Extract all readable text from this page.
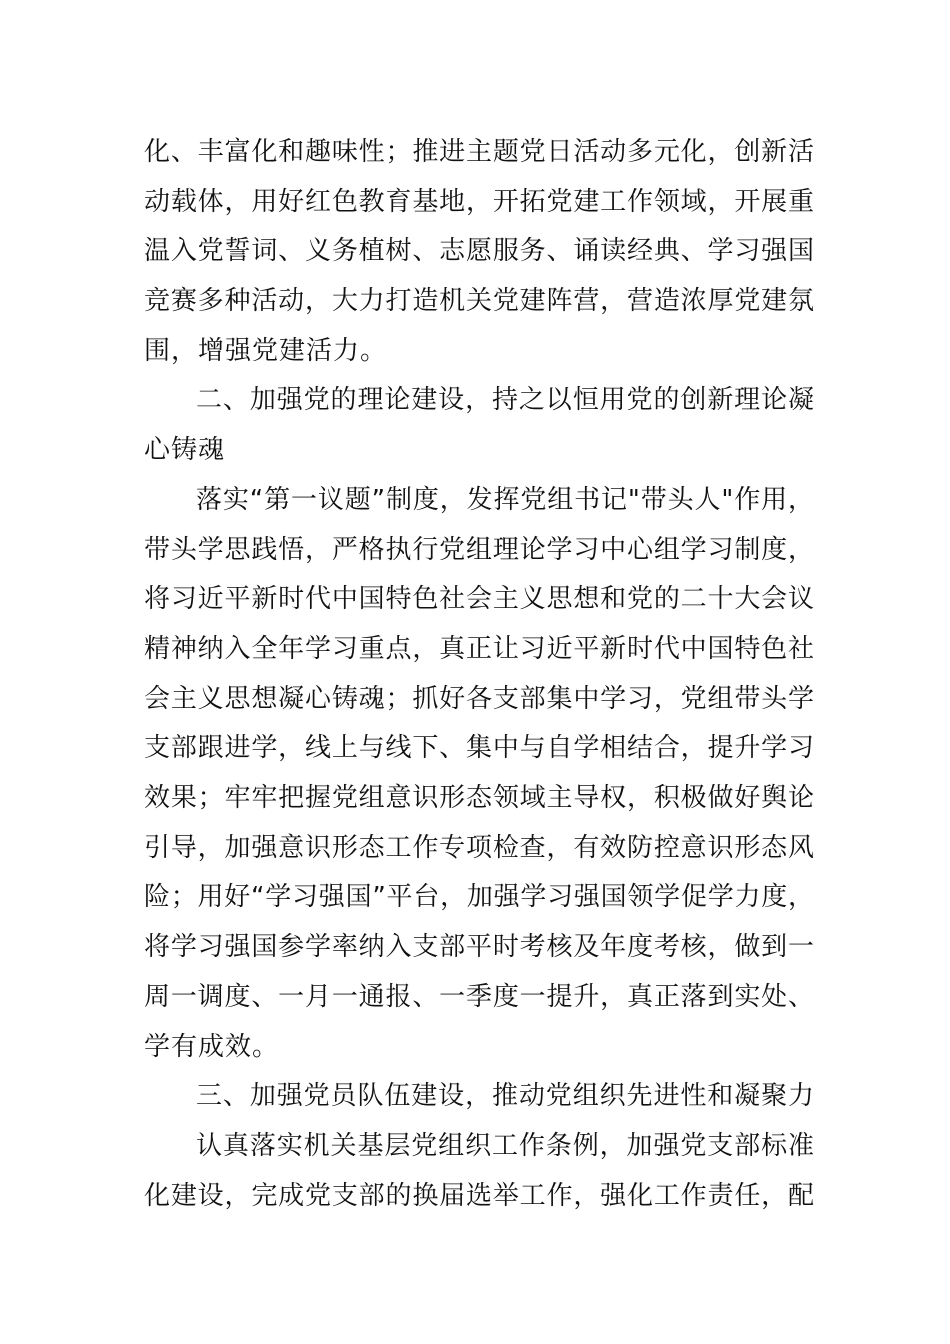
化、丰富化和趣味性；推进主题党日活动多元化，创新活
动载体，用好红色教育基地，开拓党建工作领域，开展重
温入党誓词、义务植树、志愿服务、诵读经典、学习强国
竞赛多种活动，大力打造机关党建阵营，营造浓厚党建氛
围，增强党建活力。
二、加强党的理论建设，持之以恒用党的创新理论凝
心铸魂
落实“第一议题”制度，发挥党组书记"带头人"作用，
带头学思践悟，严格执行党组理论学习中心组学习制度，
将习近平新时代中国特色社会主义思想和党的二十大会议
精神纳入全年学习重点，真正让习近平新时代中国特色社
会主义思想凝心铸魂；抓好各支部集中学习，党组带头学
支部跟进学，线上与线下、集中与自学相结合，提升学习
效果；牢牢把握党组意识形态领域主导权，积极做好舆论
引导，加强意识形态工作专项检查，有效防控意识形态风
险；用好“学习强国”平台，加强学习强国领学促学力度，
将学习强国参学率纳入支部平时考核及年度考核，做到一
周一调度、一月一通报、一季度一提升，真正落到实处、
学有成效。
三、加强党员队伍建设，推动党组织先进性和凝聚力
认真落实机关基层党组织工作条例，加强党支部标准
化建设，完成党支部的换届选举工作，强化工作责任，配
